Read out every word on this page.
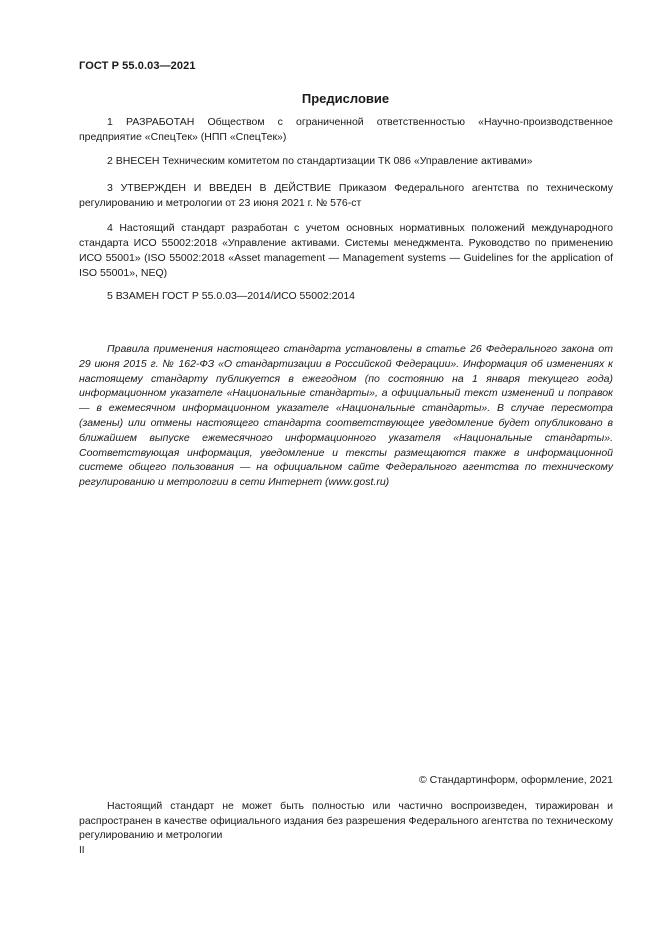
ГОСТ Р 55.0.03—2021
Предисловие
1 РАЗРАБОТАН Обществом с ограниченной ответственностью «Научно-производственное предприятие «СпецТек» (НПП «СпецТек»)
2 ВНЕСЕН Техническим комитетом по стандартизации ТК 086 «Управление активами»
3 УТВЕРЖДЕН И ВВЕДЕН В ДЕЙСТВИЕ Приказом Федерального агентства по техническому регулированию и метрологии от 23 июня 2021 г. № 576-ст
4 Настоящий стандарт разработан с учетом основных нормативных положений международного стандарта ИСО 55002:2018 «Управление активами. Системы менеджмента. Руководство по применению ИСО 55001» (ISO 55002:2018 «Asset management — Management systems — Guidelines for the application of ISO 55001», NEQ)
5 ВЗАМЕН ГОСТ Р 55.0.03—2014/ИСО 55002:2014
Правила применения настоящего стандарта установлены в статье 26 Федерального закона от 29 июня 2015 г. № 162-ФЗ «О стандартизации в Российской Федерации». Информация об изменениях к настоящему стандарту публикуется в ежегодном (по состоянию на 1 января текущего года) информационном указателе «Национальные стандарты», а официальный текст изменений и поправок — в ежемесячном информационном указателе «Национальные стандарты». В случае пересмотра (замены) или отмены настоящего стандарта соответствующее уведомление будет опубликовано в ближайшем выпуске ежемесячного информационного указателя «Национальные стандарты». Соответствующая информация, уведомление и тексты размещаются также в информационной системе общего пользования — на официальном сайте Федерального агентства по техническому регулированию и метрологии в сети Интернет (www.gost.ru)
© Стандартинформ, оформление, 2021
Настоящий стандарт не может быть полностью или частично воспроизведен, тиражирован и распространен в качестве официального издания без разрешения Федерального агентства по техническому регулированию и метрологии
II
